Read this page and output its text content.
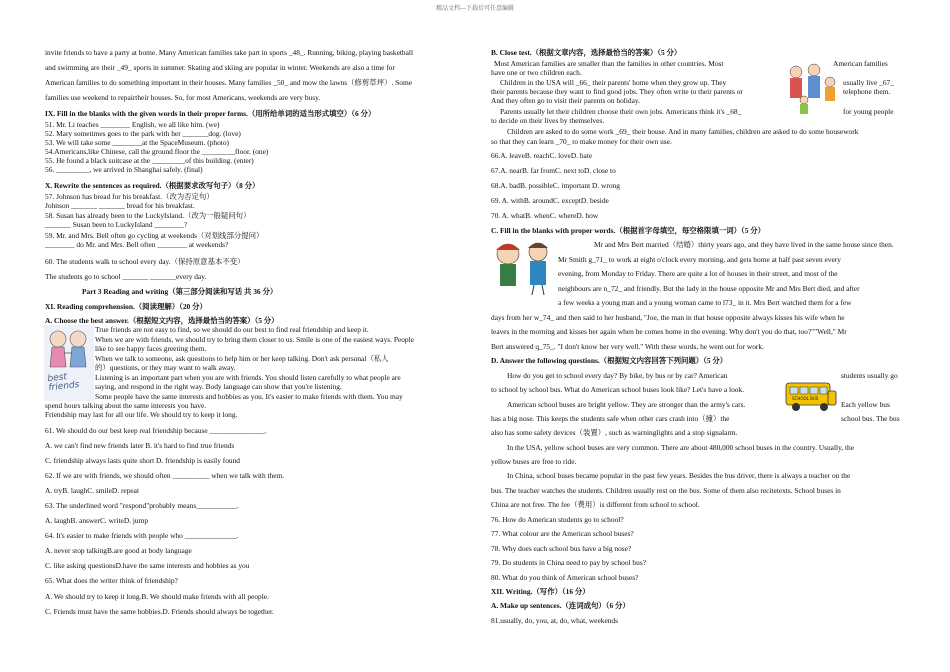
精品文档---下载后可任意编辑
invite friends to have a party at home. Many American families take part in sports _48_. Running, biking, playing basketball
and swimming are their _49_ sports in summer. Skating and skiing are popular in winter. Weekends are also a time for
American families to do something important in their houses. Many families _50_ and mow the lawns（修剪草坪）. Some
families use weekend to repairtheir houses. So, for most Americans, weekends are very busy.
IX. Fill in the blanks with the given words in their proper forms.（用所给单词的适当形式填空）（6 分）
51. Mr. Li teaches ________ English, we all like him. (we)
52. Mary sometimes goes to the park with her _______dog. (love)
53. We will take some ________at the SpaceMuseum. (photo)
54.Americans,like Chinese, call the ground floor the _________floor. (one)
55. He found a black suitcase at the _________of this building. (enter)
56. _________, we arrived in Shanghai safely. (final)
X. Rewrite the sentences as required.（根据要求改写句子）（8 分）
57. Johnson has bread for his breakfast.（改为否定句）
Johnson _______ _______ bread for his breakfast.
58. Susan has already been to the LuckyIsland.（改为一般疑问句）
_______ Susan been to LuckyIsland ________?
59. Mr. and Mrs. Bell often go cycling at weekends（对划线部分提问）
________ do Mr. and Mrs. Bell often ________ at weekends?
60. The students walk to school every day.（保持原意基本不变）
The students go to school _______ _______every day.
Part 3 Reading and writing（第三部分阅读和写话 共 36 分）
XI. Reading comprehension.（阅读理解）（20 分）
A. Choose the best answer.（根据短文内容，选择最恰当的答案）（5 分）
True friends are not easy to find, so we should do our best to find real friendship and keep it.
When we are with friends, we should try to bring them closer to us. Smile is one of the easiest ways. People
like to see happy faces greeting them.
When we talk to someone, ask questions to help him or her keep talking. Don't ask personal（私人
的）questions, or they may want to walk away.
Listening is an important part when you are with friends. You should listen carefully to what people are
saying, and respond in the right way. Body language can show that you're listening.
Some people have the same interests and hobbies as you. It's easier to make friends with them. You may
spend hours talking about the same interests you have.
Friendship may last for all our life. We should try to keep it long.
61. We should do our best keep real friendship because _______________.
A. we can't find new friends later B. it's hard to find true friends
C. friendship always lasts quite short D. friendship is easily found
62. If we are with friends, we should often __________ when we talk with them.
A. tryB. laughC. smileD. repeat
63. The underlined word "respond"probably means___________.
A. laughB. answerC. writeD. jump
64. It's easier to make friends with people who ______________.
A. never stop talkingB.are good at body language
C. like asking questionsD.have the same interests and hobbies as you
65. What does the writer think of friendship?
A. We should try to keep it long.B. We should make friends with all people.
C. Friends must have the same hobbies.D. Friends should always be together.
B. Close test.（根据文章内容，选择最恰当的答案）（5 分）
Most American families are smaller than the families in other countries. Most	American families
have one or two children each.
Children in the USA will _66_ their parents' home when they grow up. They	usually live _67_
their parents because they want to find good jobs. They often write to their parents or	telephone them.
And they often go to visit their parents on holiday.
Parents usually let their children choose their own jobs. Americans think it's _68_	for young people
to decide on their lives by themselves.
Children are asked to do some work _69_ their house. And in many families, children are asked to do some housework
so that they can learn _70_ to make money for their own use.
66.A. leaveB. reachC. loveD. hate
67.A. nearB. far fromC. next toD. close to
68.A. badB. possibleC. important D. wrong
69. A. withB. aroundC. exceptD. beside
70. A. whatB. whenC. whereD. how
C. Fill in the blanks with proper words.（根据首字母填空，每空格限填一词）（5 分）
Mr and Mrs Bert married（结婚）thirty years ago, and they have lived in the same house since then.
Mr Smith g_71_ to work at eight o'clock every morning, and gets home at half past seven every
evening, from Monday to Friday. There are quite a lot of houses in their street, and most of the
neighbours are n_72_ and friendly. But the lady in the house opposite Mr and Mrs Bert died, and after
a few weeks a young man and a young woman came to l73_ in it. Mrs Bert watched them for a few
days from her w_74_ and then said to her husband, "Joe, the man in that house opposite always kisses his wife when he
leaves in the morning and kisses her again when he comes home in the evening. Why don't you do that, too?""Well," Mr
Bert answered q_75_. "I don't know her very well." With these words, he went out for work.
D. Answer the following questions.（根据短文内容回答下列问题）（5 分）
How do you get to school every day? By bike, by bus or by car? American	students usually go
to school by school bus. What do American school buses look like? Let's have a look.
American school buses are bright yellow. They are stronger than the army's cars.	Each yellow bus
has a big nose. This keeps the students safe when other cars crash into（撞）the	school bus. The bus
also has some safety devices（装置）, such as warninglights and a stop signalarm.
In the USA, yellow school buses are very common. There are about 480,000 school buses in the country. Usually, the
yellow buses are free to ride.
In China, school buses became popular in the past few years. Besides the bus driver, there is always a teacher on the
bus. The teacher watches the students. Children usually rest on the bus. Some of them also recitetexts. School buses in
China are not free. The fee（费用）is different from school to school.
76. How do American students go to school?
77. What colour are the American school buses?
78. Why does each school bus have a big nose?
79. Do students in China need to pay by school bus?
80. What do you think of American school buses?
XII. Writing.（写作）（16 分）
A. Make up sentences.（连词成句）（6 分）
81.usually, do, you, at, do, what, weekends
best friends
SCHOOL BUS
